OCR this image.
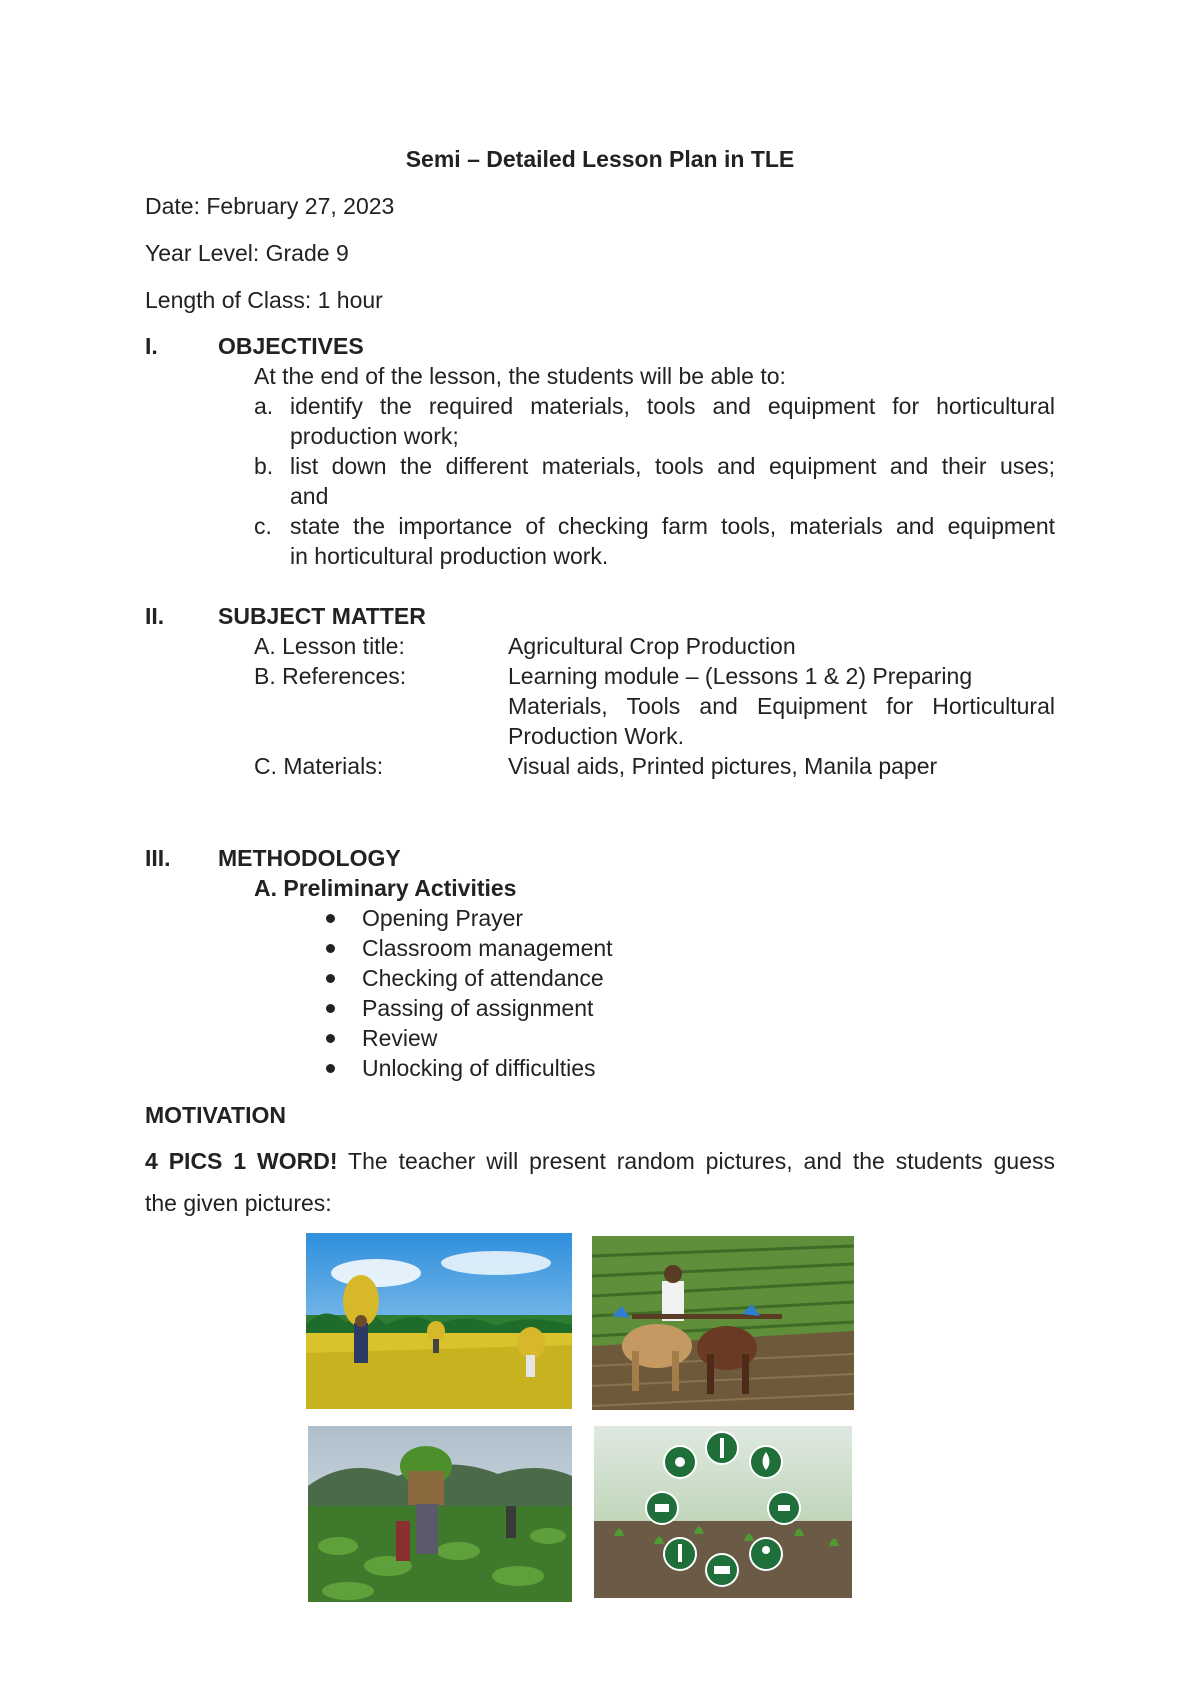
Semi – Detailed Lesson Plan in TLE
Date: February 27, 2023
Year Level: Grade 9
Length of Class: 1 hour
I.	OBJECTIVES
At the end of the lesson, the students will be able to:
a. identify the required materials, tools and equipment for horticultural
production work;
b. list down the different materials, tools and equipment and their uses;
and
c. state the importance of checking farm tools, materials and equipment
in horticultural production work.
II. SUBJECT MATTER
A. Lesson title:	Agricultural Crop Production
B. References:	Learning module – (Lessons 1 & 2) Preparing
Materials, Tools and Equipment for Horticultural
Production Work.
C. Materials:	Visual aids, Printed pictures, Manila paper
III. METHODOLOGY
A. Preliminary Activities
Opening Prayer
Classroom management
Checking of attendance
Passing of assignment
Review
Unlocking of difficulties
MOTIVATION
4 PICS 1 WORD! The teacher will present random pictures, and the students guess
the given pictures:
